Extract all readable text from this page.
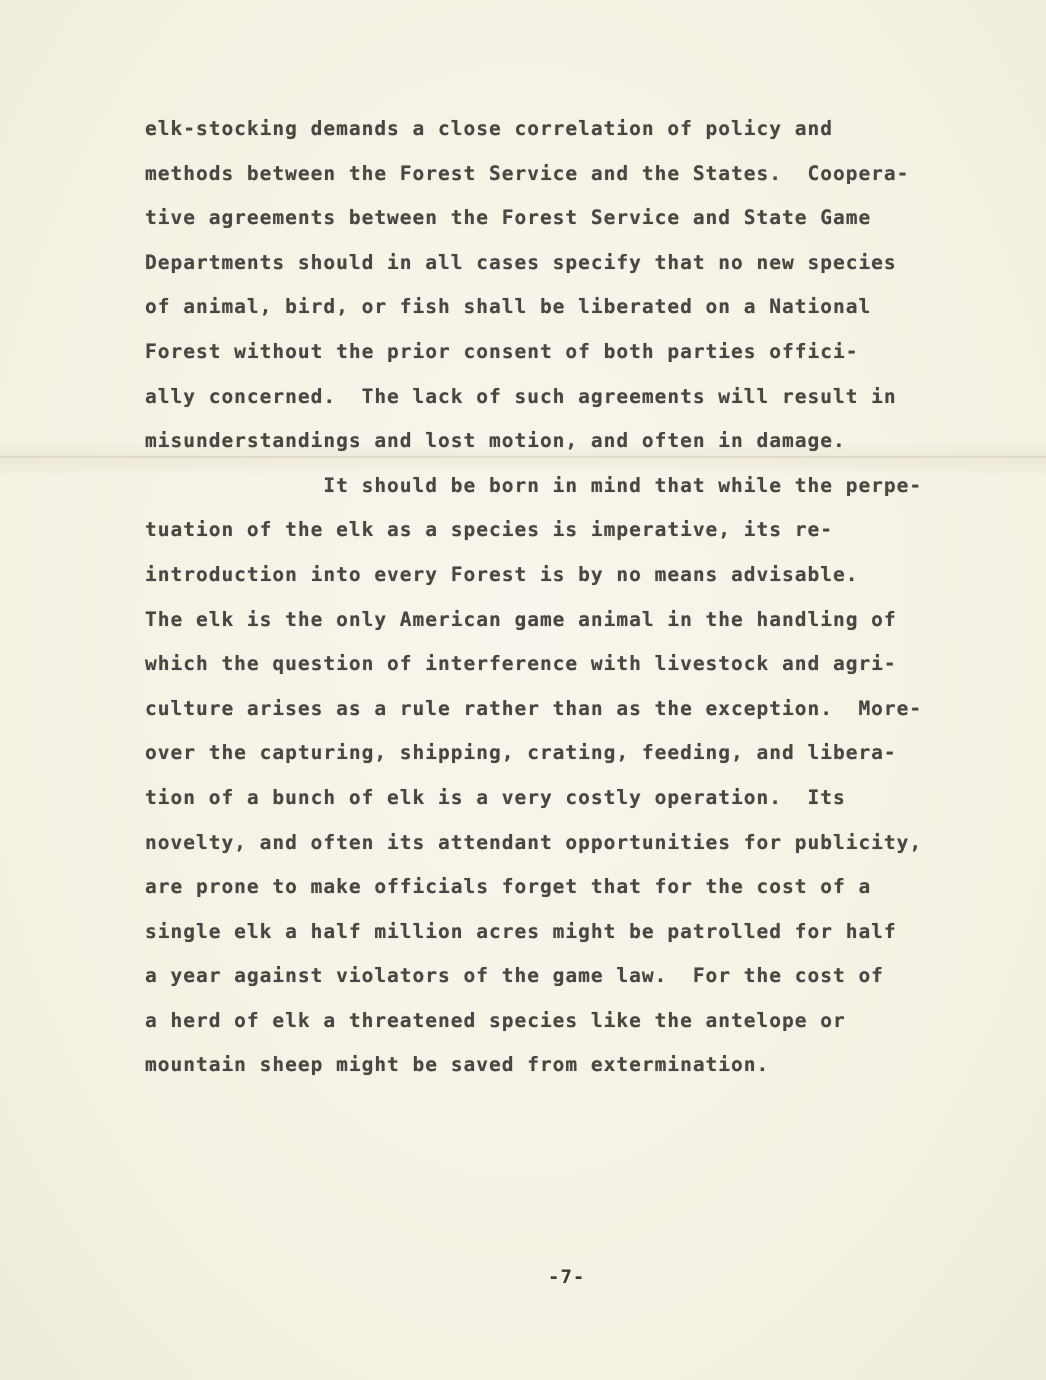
elk-stocking demands a close correlation of policy and
methods between the Forest Service and the States.  Coopera-
tive agreements between the Forest Service and State Game
Departments should in all cases specify that no new species
of animal, bird, or fish shall be liberated on a National
Forest without the prior consent of both parties offici-
ally concerned.  The lack of such agreements will result in
misunderstandings and lost motion, and often in damage.
It should be born in mind that while the perpe-
tuation of the elk as a species is imperative, its re-
introduction into every Forest is by no means advisable.
The elk is the only American game animal in the handling of
which the question of interference with livestock and agri-
culture arises as a rule rather than as the exception.  More-
over the capturing, shipping, crating, feeding, and libera-
tion of a bunch of elk is a very costly operation.  Its
novelty, and often its attendant opportunities for publicity,
are prone to make officials forget that for the cost of a
single elk a half million acres might be patrolled for half
a year against violators of the game law.  For the cost of
a herd of elk a threatened species like the antelope or
mountain sheep might be saved from extermination.
-7-
